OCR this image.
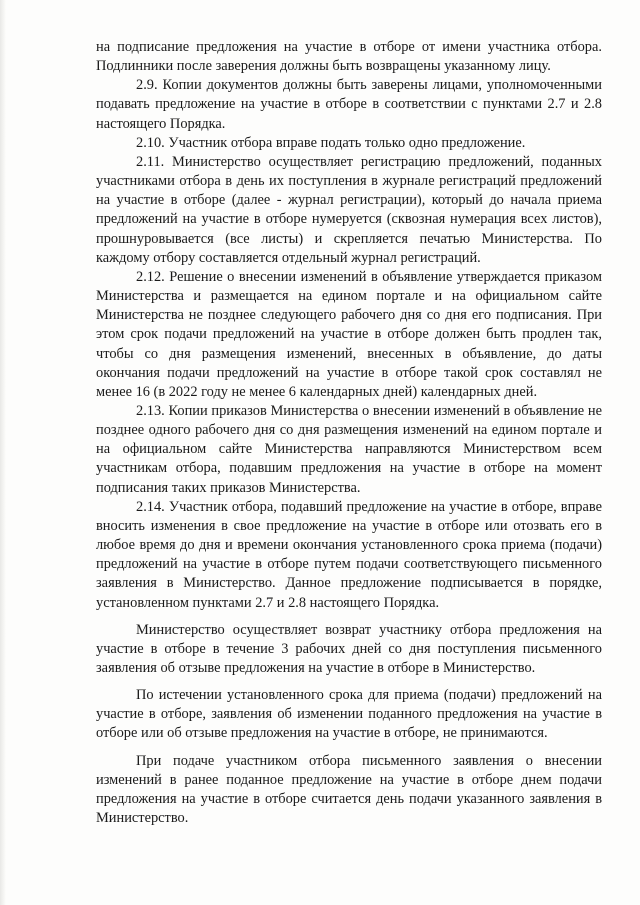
на подписание предложения на участие в отборе от имени участника отбора. Подлинники после заверения должны быть возвращены указанному лицу.

2.9. Копии документов должны быть заверены лицами, уполномоченными подавать предложение на участие в отборе в соответствии с пунктами 2.7 и 2.8 настоящего Порядка.

2.10. Участник отбора вправе подать только одно предложение.

2.11. Министерство осуществляет регистрацию предложений, поданных участниками отбора в день их поступления в журнале регистраций предложений на участие в отборе (далее - журнал регистрации), который до начала приема предложений на участие в отборе нумеруется (сквозная нумерация всех листов), прошнуровывается (все листы) и скрепляется печатью Министерства. По каждому отбору составляется отдельный журнал регистраций.

2.12. Решение о внесении изменений в объявление утверждается приказом Министерства и размещается на едином портале и на официальном сайте Министерства не позднее следующего рабочего дня со дня его подписания. При этом срок подачи предложений на участие в отборе должен быть продлен так, чтобы со дня размещения изменений, внесенных в объявление, до даты окончания подачи предложений на участие в отборе такой срок составлял не менее 16 (в 2022 году не менее 6 календарных дней) календарных дней.

2.13. Копии приказов Министерства о внесении изменений в объявление не позднее одного рабочего дня со дня размещения изменений на едином портале и на официальном сайте Министерства направляются Министерством всем участникам отбора, подавшим предложения на участие в отборе на момент подписания таких приказов Министерства.

2.14. Участник отбора, подавший предложение на участие в отборе, вправе вносить изменения в свое предложение на участие в отборе или отозвать его в любое время до дня и времени окончания установленного срока приема (подачи) предложений на участие в отборе путем подачи соответствующего письменного заявления в Министерство. Данное предложение подписывается в порядке, установленном пунктами 2.7 и 2.8 настоящего Порядка.

Министерство осуществляет возврат участнику отбора предложения на участие в отборе в течение 3 рабочих дней со дня поступления письменного заявления об отзыве предложения на участие в отборе в Министерство.

По истечении установленного срока для приема (подачи) предложений на участие в отборе, заявления об изменении поданного предложения на участие в отборе или об отзыве предложения на участие в отборе, не принимаются.

При подаче участником отбора письменного заявления о внесении изменений в ранее поданное предложение на участие в отборе днем подачи предложения на участие в отборе считается день подачи указанного заявления в Министерство.
